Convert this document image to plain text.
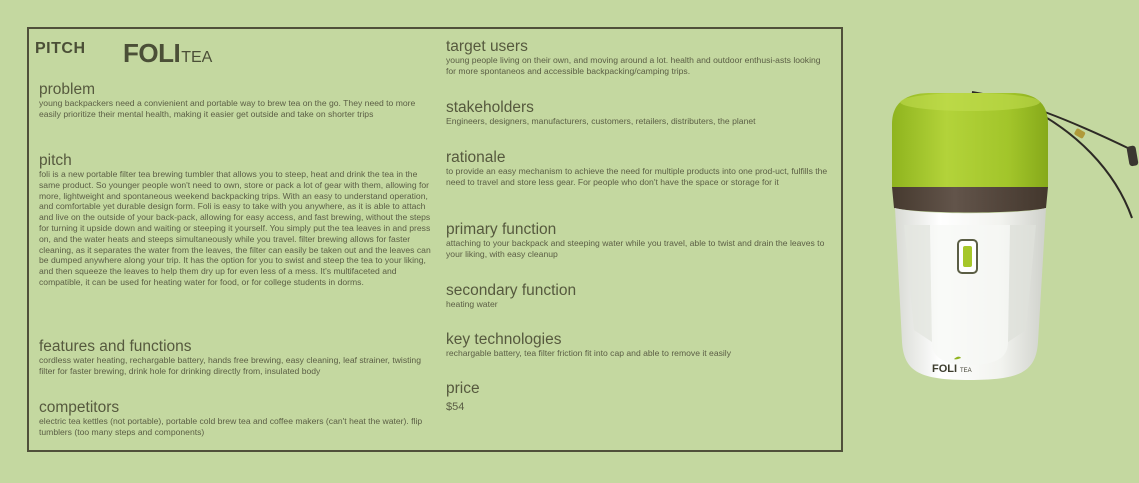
PITCH FOLITEA
problem

young backpackers need a convienient and portable way to brew tea on the go. They need to more easily prioritize their mental health, making it easier get outside and take on shorter trips

pitch

foli is a new portable filter tea brewing tumbler that allows you to steep, heat and drink the tea in the same product. So younger people won't need to own, store or pack a lot of gear with them, allowing for more, lightweight and spontaneous weekend backpacking trips. With an easy to understand operation, and comfortable yet durable design form. Foli is easy to take with you anywhere, as it is able to attach and live on the outside of your back-pack, allowing for easy access, and fast brewing, without the steps for turning it upside down and waiting or steeping it yourself. You simply put the tea leaves in and press on, and the water heats and steeps simultaneously while you travel. filter brewing allows for faster cleaning, as it separates the water from the leaves, the filter can easily be taken out and the leaves can be dumped anywhere along your trip. It has the option for you to swist and steep the tea to your liking, and then squeeze the leaves to help them dry up for even less of a mess. It's multifaceted and compatible, it can be used for heating water for food, or for college students in dorms.

features and functions

cordless water heating, rechargable battery, hands free brewing, easy cleaning, leaf strainer, twisting filter for faster brewing, drink hole for drinking directly from, insulated body

competitors

electric tea kettles (not portable), portable cold brew tea and coffee makers (can't heat the water). flip tumblers (too many steps and components)

target users

young people living on their own, and moving around a lot. health and outdoor enthusi-asts looking for more spontaneos and accessible backpacking/camping trips.

stakeholders

Engineers, designers, manufacturers, customers, retailers, distributers, the planet

rationale

to provide an easy mechanism to achieve the need for multiple products into one prod-uct, fulfills the need to travel and store less gear. For people who don't have the space or storage for it

primary function

attaching to your backpack and steeping water while you travel, able to twist and drain the leaves to your liking, with easy cleanup

secondary function

heating water

key technologies

rechargable battery, tea filter friction fit into cap and able to remove it easily

price

$54

FOLI TEA
